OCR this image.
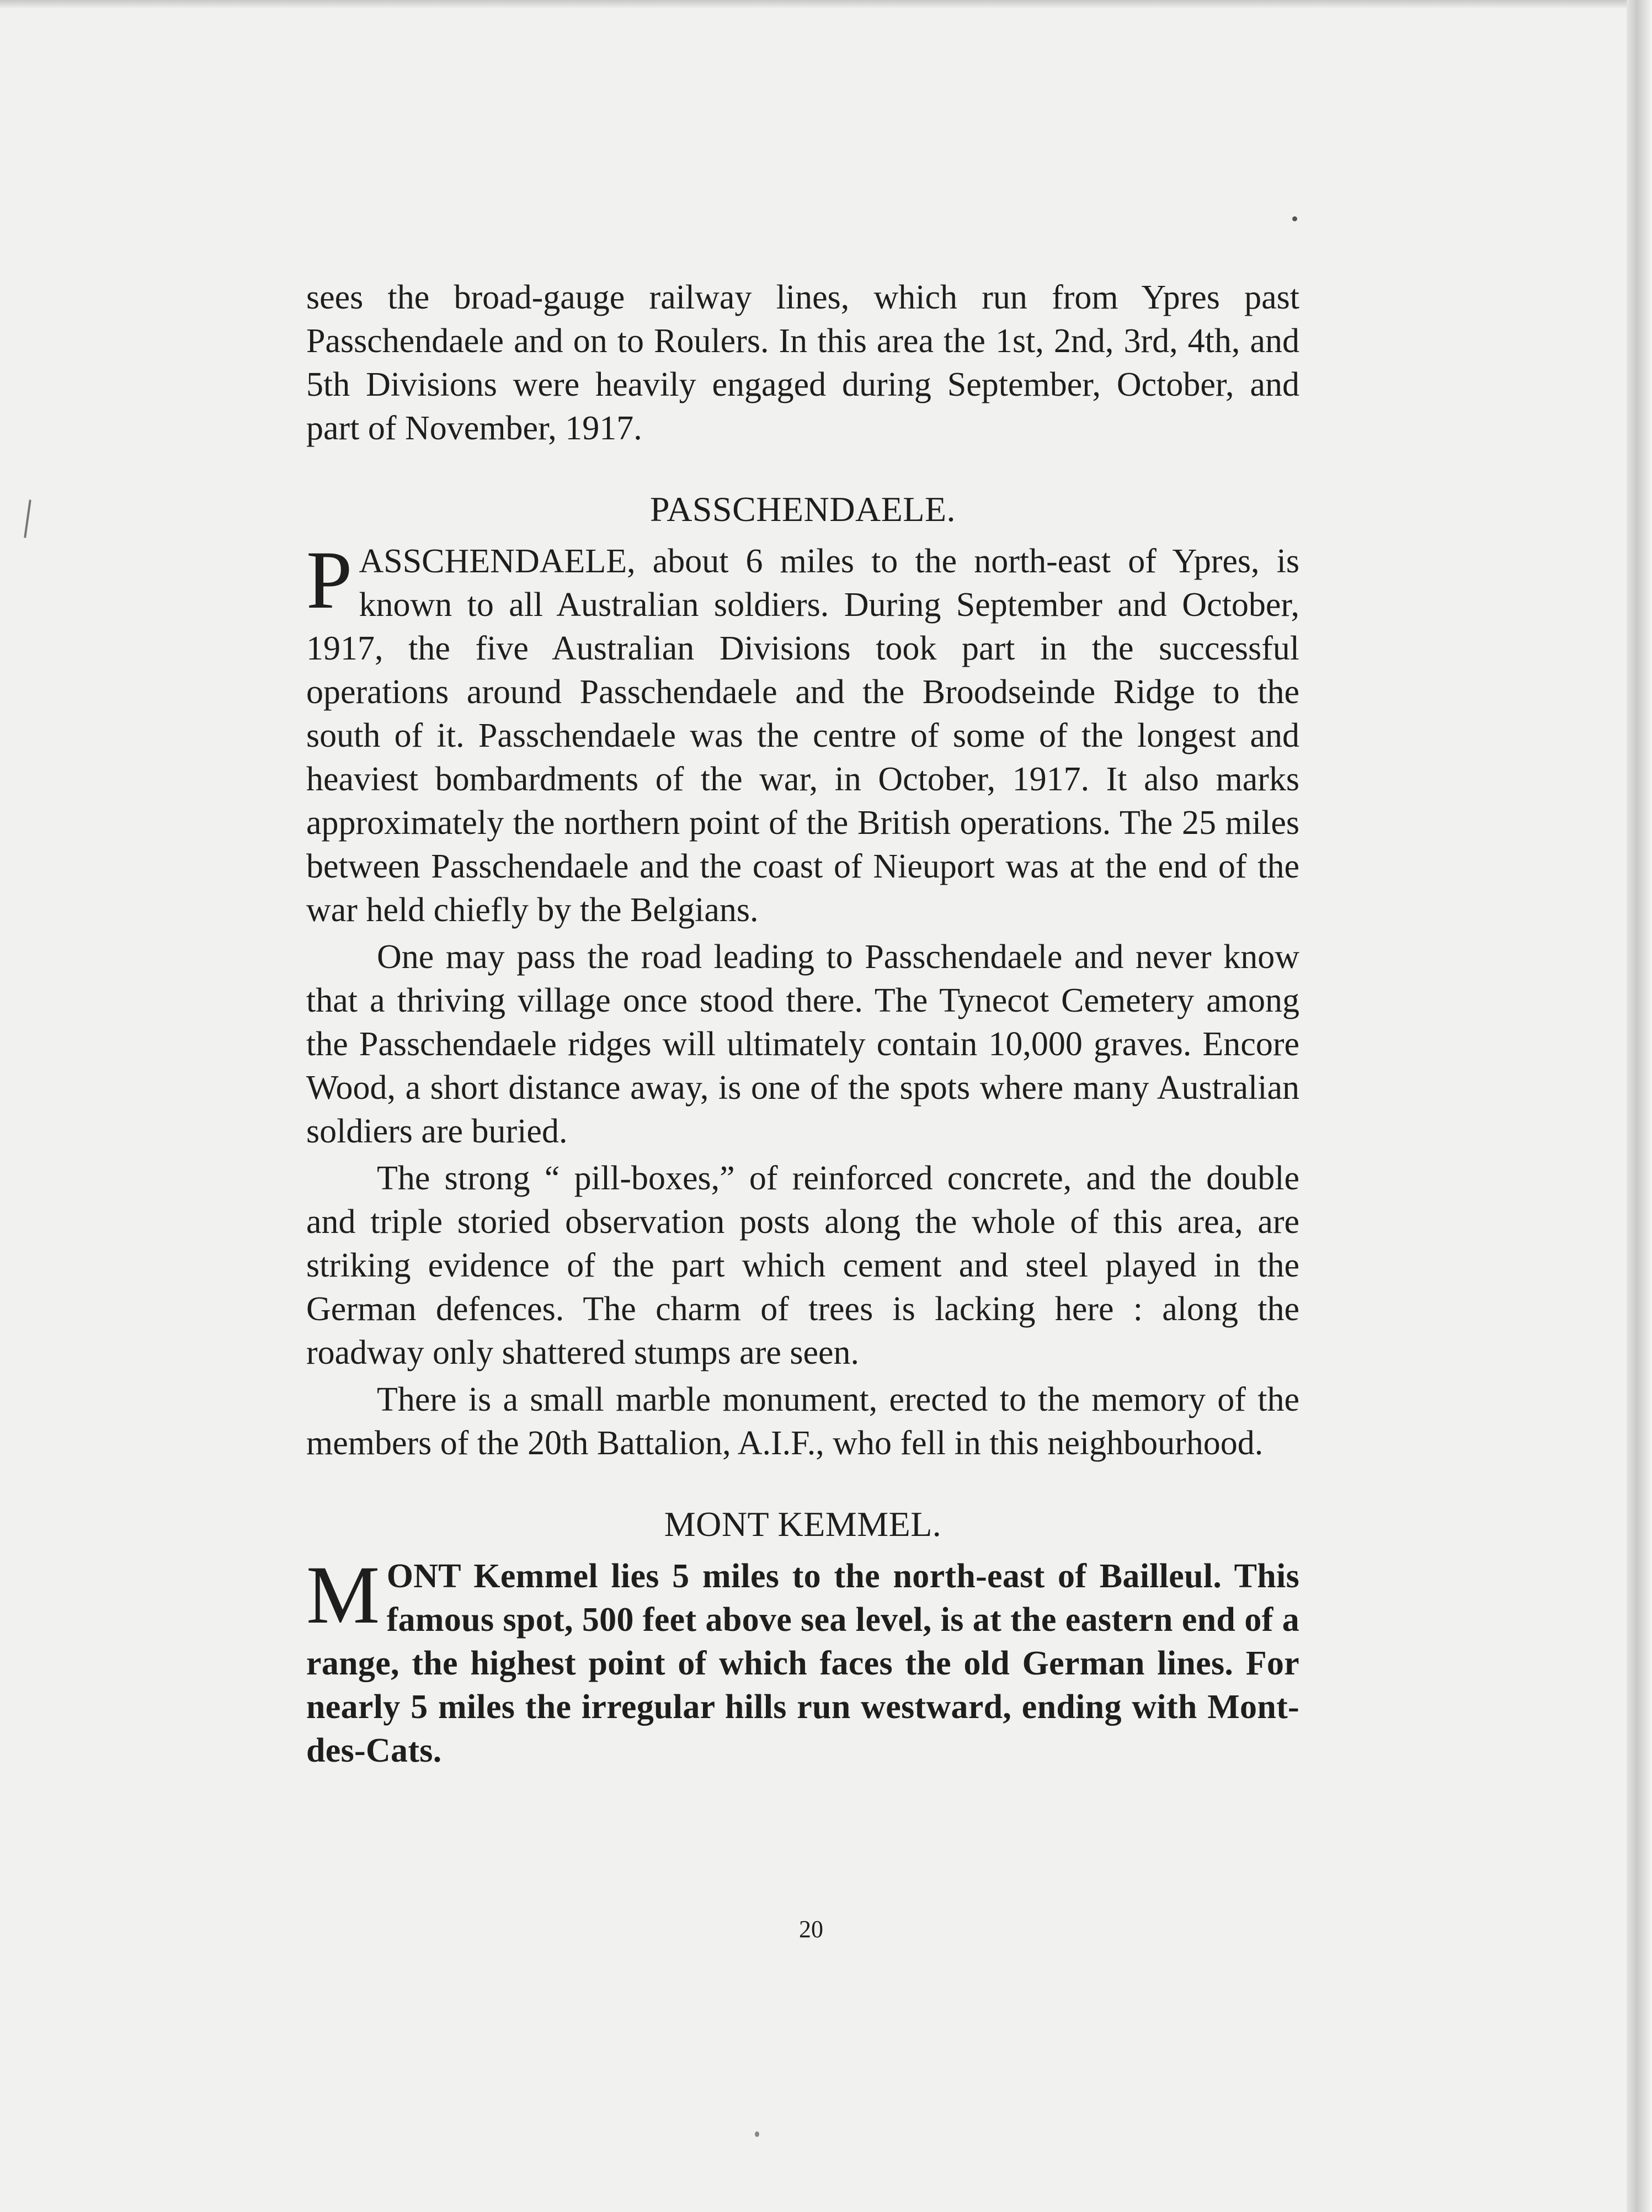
sees the broad-gauge railway lines, which run from Ypres past Passchendaele and on to Roulers. In this area the 1st, 2nd, 3rd, 4th, and 5th Divisions were heavily engaged during September, October, and part of November, 1917.

PASSCHENDAELE.

PASSCHENDAELE, about 6 miles to the north-east of Ypres, is known to all Australian soldiers. During September and October, 1917, the five Australian Divisions took part in the successful operations around Passchendaele and the Broodseinde Ridge to the south of it. Passchendaele was the centre of some of the longest and heaviest bombardments of the war, in October, 1917. It also marks approximately the northern point of the British operations. The 25 miles between Passchendaele and the coast of Nieuport was at the end of the war held chiefly by the Belgians.

One may pass the road leading to Passchendaele and never know that a thriving village once stood there. The Tynecot Cemetery among the Passchendaele ridges will ultimately contain 10,000 graves. Encore Wood, a short distance away, is one of the spots where many Australian soldiers are buried.

The strong “ pill-boxes,” of reinforced concrete, and the double and triple storied observation posts along the whole of this area, are striking evidence of the part which cement and steel played in the German defences. The charm of trees is lacking here : along the roadway only shattered stumps are seen.

There is a small marble monument, erected to the memory of the members of the 20th Battalion, A.I.F., who fell in this neighbourhood.

MONT KEMMEL.

MONT Kemmel lies 5 miles to the north-east of Bailleul. This famous spot, 500 feet above sea level, is at the eastern end of a range, the highest point of which faces the old German lines. For nearly 5 miles the irregular hills run westward, ending with Mont-des-Cats.

20
